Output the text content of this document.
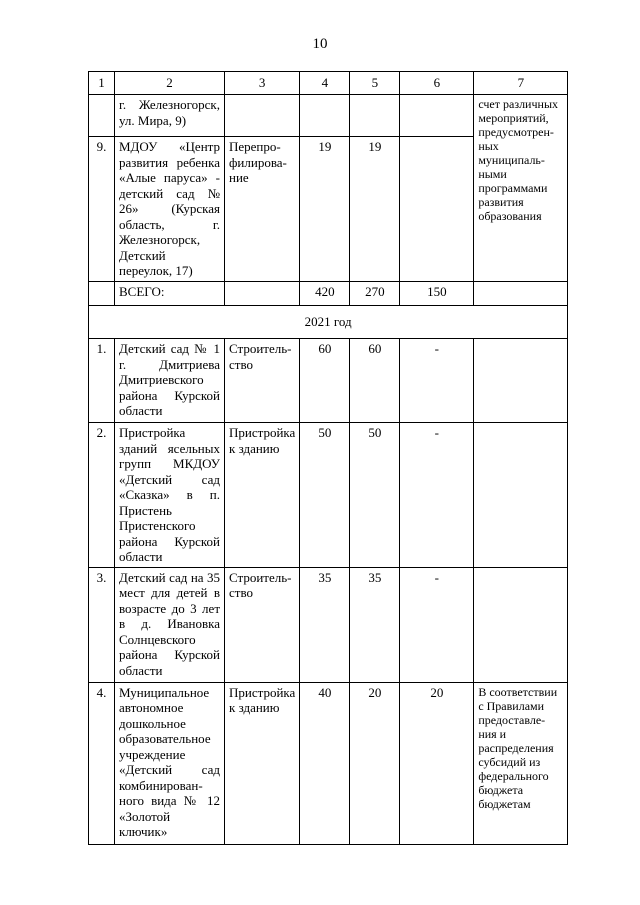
10
1	2	3	4	5	6	7
	г. Железногорск, ул. Мира, 9)					счет различных мероприятий, предусмотрен-ных муниципаль-ными программами развития образования
9.	МДОУ «Центр развития ребенка «Алые паруса» - детский сад № 26» (Курская область, г. Железногорск, Детский переулок, 17)	Перепро-филирова-ние	19	19		
	ВСЕГО:		420	270	150	
2021 год						
1.	Детский сад № 1 г. Дмитриева Дмитриевского района Курской области	Строитель-ство	60	60	-	
2.	Пристройка зданий ясельных групп МКДОУ «Детский сад «Сказка» в п. Пристень Пристенского района Курской области	Пристройка к зданию	50	50	-	
3.	Детский сад на 35 мест для детей в возрасте до 3 лет в д. Ивановка Солнцевского района Курской области	Строитель-ство	35	35	-	
4.	Муниципальное автономное дошкольное образовательное учреждение «Детский сад комбинирован-ного вида № 12 «Золотой ключик»	Пристройка к зданию	40	20	20	В соответствии с Правилами предоставле-ния и распределения субсидий из федерального бюджета бюджетам
